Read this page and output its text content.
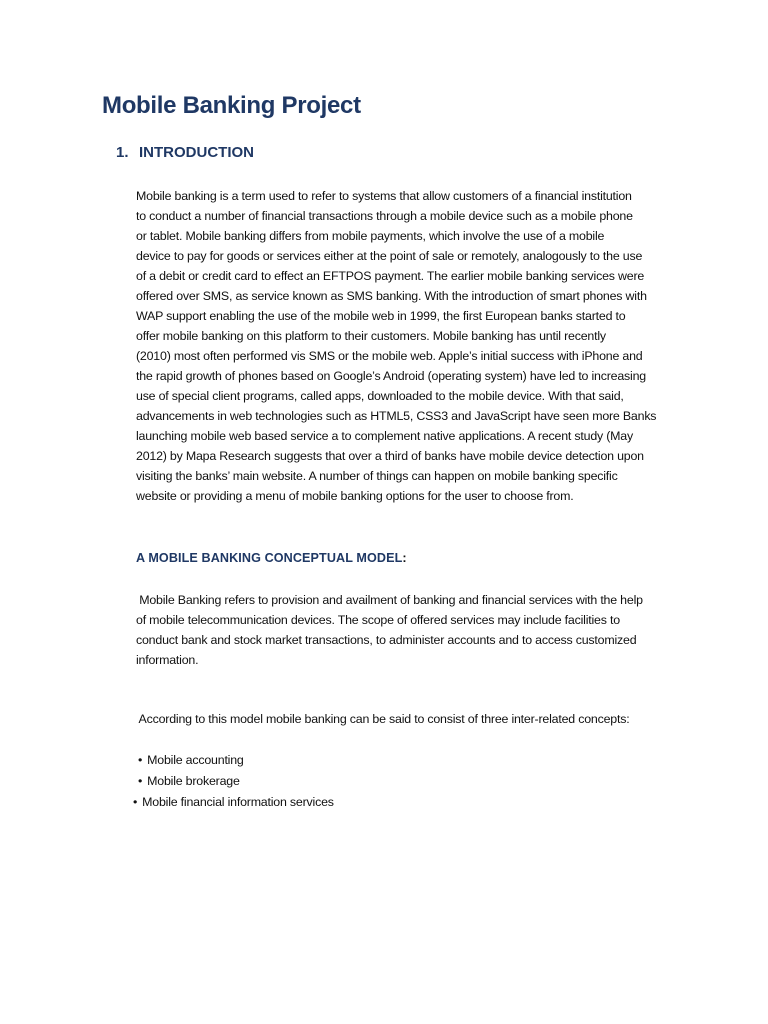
Mobile Banking Project
1. INTRODUCTION

Mobile banking is a term used to refer to systems that allow customers of a financial institution
to conduct a number of financial transactions through a mobile device such as a mobile phone
or tablet. Mobile banking differs from mobile payments, which involve the use of a mobile
device to pay for goods or services either at the point of sale or remotely, analogously to the use
of a debit or credit card to effect an EFTPOS payment. The earlier mobile banking services were
offered over SMS, as service known as SMS banking. With the introduction of smart phones with
WAP support enabling the use of the mobile web in 1999, the first European banks started to
offer mobile banking on this platform to their customers. Mobile banking has until recently
(2010) most often performed vis SMS or the mobile web. Apple’s initial success with iPhone and
the rapid growth of phones based on Google’s Android (operating system) have led to increasing
use of special client programs, called apps, downloaded to the mobile device. With that said,
advancements in web technologies such as HTML5, CSS3 and JavaScript have seen more Banks
launching mobile web based service a to complement native applications. A recent study (May
2012) by Mapa Research suggests that over a third of banks have mobile device detection upon
visiting the banks’ main website. A number of things can happen on mobile banking specific
website or providing a menu of mobile banking options for the user to choose from.

A MOBILE BANKING CONCEPTUAL MODEL:

Mobile Banking refers to provision and availment of banking and financial services with the help
of mobile telecommunication devices. The scope of offered services may include facilities to
conduct bank and stock market transactions, to administer accounts and to access customized
information.

According to this model mobile banking can be said to consist of three inter-related concepts:

• Mobile accounting
• Mobile brokerage
• Mobile financial information services
